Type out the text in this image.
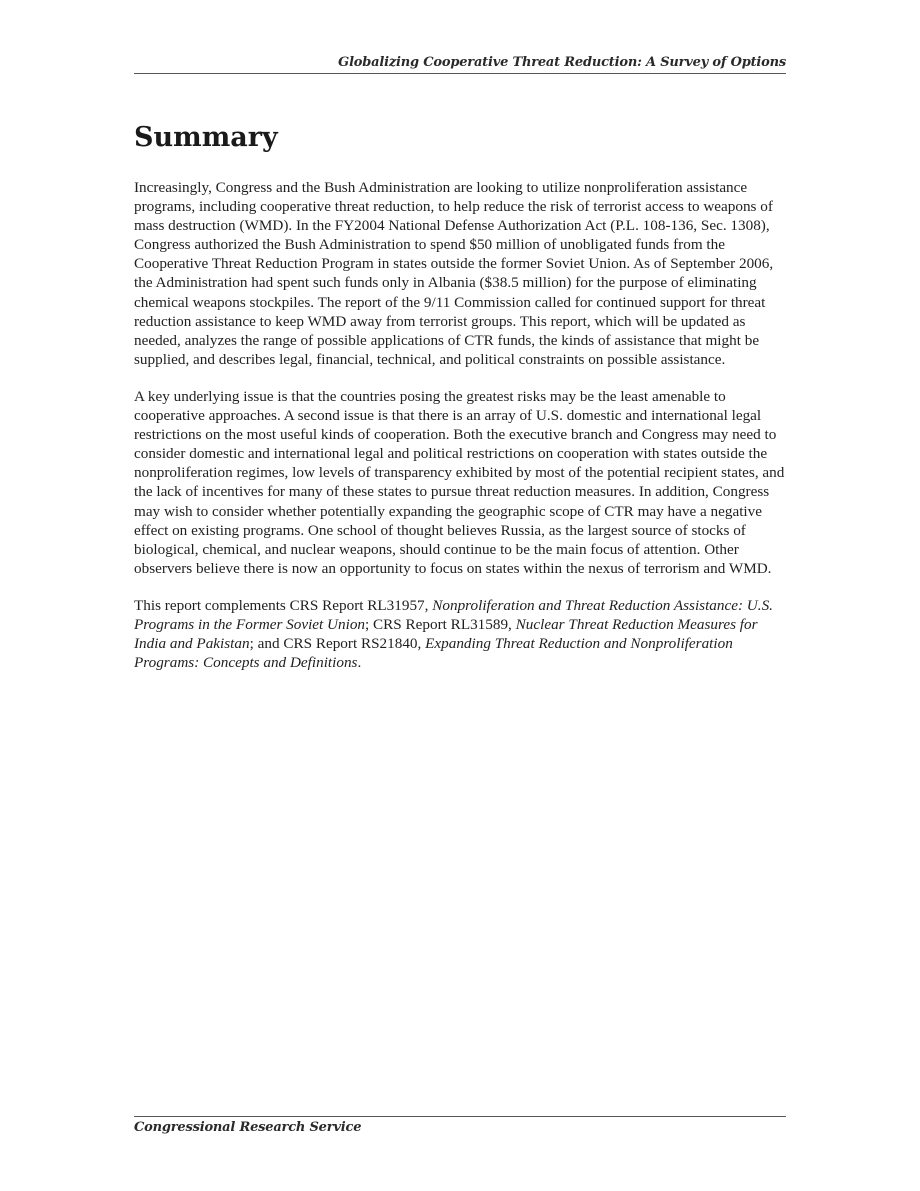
Globalizing Cooperative Threat Reduction: A Survey of Options
Summary

Increasingly, Congress and the Bush Administration are looking to utilize nonproliferation assistance programs, including cooperative threat reduction, to help reduce the risk of terrorist access to weapons of mass destruction (WMD). In the FY2004 National Defense Authorization Act (P.L. 108-136, Sec. 1308), Congress authorized the Bush Administration to spend $50 million of unobligated funds from the Cooperative Threat Reduction Program in states outside the former Soviet Union. As of September 2006, the Administration had spent such funds only in Albania ($38.5 million) for the purpose of eliminating chemical weapons stockpiles. The report of the 9/11 Commission called for continued support for threat reduction assistance to keep WMD away from terrorist groups. This report, which will be updated as needed, analyzes the range of possible applications of CTR funds, the kinds of assistance that might be supplied, and describes legal, financial, technical, and political constraints on possible assistance.

A key underlying issue is that the countries posing the greatest risks may be the least amenable to cooperative approaches. A second issue is that there is an array of U.S. domestic and international legal restrictions on the most useful kinds of cooperation. Both the executive branch and Congress may need to consider domestic and international legal and political restrictions on cooperation with states outside the nonproliferation regimes, low levels of transparency exhibited by most of the potential recipient states, and the lack of incentives for many of these states to pursue threat reduction measures. In addition, Congress may wish to consider whether potentially expanding the geographic scope of CTR may have a negative effect on existing programs. One school of thought believes Russia, as the largest source of stocks of biological, chemical, and nuclear weapons, should continue to be the main focus of attention. Other observers believe there is now an opportunity to focus on states within the nexus of terrorism and WMD.

This report complements CRS Report RL31957, Nonproliferation and Threat Reduction Assistance: U.S. Programs in the Former Soviet Union; CRS Report RL31589, Nuclear Threat Reduction Measures for India and Pakistan; and CRS Report RS21840, Expanding Threat Reduction and Nonproliferation Programs: Concepts and Definitions.

Congressional Research Service
